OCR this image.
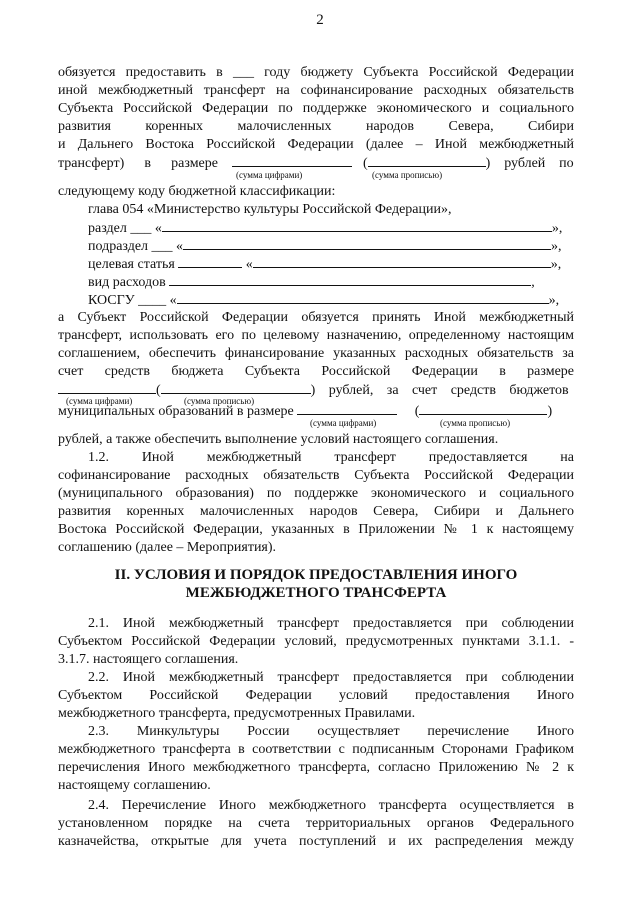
2
обязуется предоставить в ___ году бюджету Субъекта Российской Федерации
иной межбюджетный трансферт на софинансирование расходных обязательств
Субъекта Российской Федерации по поддержке экономического и социального
развития коренных малочисленных народов Севера, Сибири
и Дальнего Востока Российской Федерации (далее – Иной межбюджетный
трансферт) в размере	(	) рублей по
(сумма цифрами)	(сумма прописью)
следующему коду бюджетной классификации:
глава 054 «Министерство культуры Российской Федерации»,
раздел ___ «	»,
подраздел ___ «	»,
целевая статья	«	»,
вид расходов	,
КОСГУ ____ «	»,
а Субъект Российской Федерации обязуется принять Иной межбюджетный
трансферт, использовать его по целевому назначению, определенному настоящим
соглашением, обеспечить финансирование указанных расходных обязательств за
счет средств бюджета Субъекта Российской Федерации в размере
(	) рублей, за счет средств бюджетов
(сумма цифрами)	(сумма прописью)
муниципальных образований в размере	(	)
(сумма цифрами)	(сумма прописью)
рублей, а также обеспечить выполнение условий настоящего соглашения.
1.2. Иной межбюджетный трансферт предоставляется на
софинансирование расходных обязательств Субъекта Российской Федерации
(муниципального образования) по поддержке экономического и социального
развития коренных малочисленных народов Севера, Сибири и Дальнего
Востока Российской Федерации, указанных в Приложении № 1 к настоящему
соглашению (далее – Мероприятия).
II. УСЛОВИЯ И ПОРЯДОК ПРЕДОСТАВЛЕНИЯ ИНОГО
МЕЖБЮДЖЕТНОГО ТРАНСФЕРТА
2.1. Иной межбюджетный трансферт предоставляется при соблюдении
Субъектом Российской Федерации условий, предусмотренных пунктами 3.1.1. -
3.1.7. настоящего соглашения.
2.2. Иной межбюджетный трансферт предоставляется при соблюдении
Субъектом Российской Федерации условий предоставления Иного
межбюджетного трансферта, предусмотренных Правилами.
2.3. Минкультуры России осуществляет перечисление Иного
межбюджетного трансферта в соответствии с подписанным Сторонами Графиком
перечисления Иного межбюджетного трансферта, согласно Приложению № 2 к
настоящему соглашению.
2.4. Перечисление Иного межбюджетного трансферта осуществляется в
установленном порядке на счета территориальных органов Федерального
казначейства, открытые для учета поступлений и их распределения между
